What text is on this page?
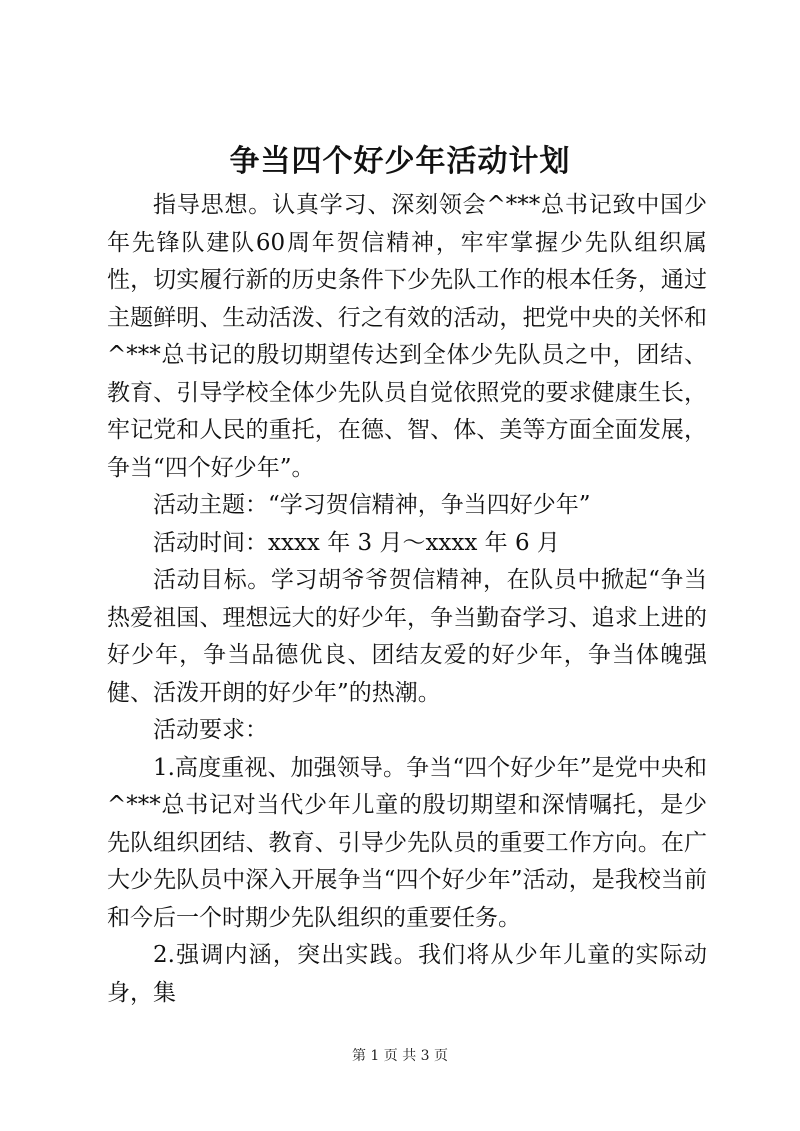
争当四个好少年活动计划

指导思想。认真学习、深刻领会^***总书记致中国少年先锋队建队60周年贺信精神，牢牢掌握少先队组织属性，切实履行新的历史条件下少先队工作的根本任务，通过主题鲜明、生动活泼、行之有效的活动，把党中央的关怀和^***总书记的殷切期望传达到全体少先队员之中，团结、教育、引导学校全体少先队员自觉依照党的要求健康生长，牢记党和人民的重托，在德、智、体、美等方面全面发展，争当“四个好少年”。

活动主题：“学习贺信精神，争当四好少年”

活动时间：xxxx 年 3 月～xxxx 年 6 月

活动目标。学习胡爷爷贺信精神，在队员中掀起“争当热爱祖国、理想远大的好少年，争当勤奋学习、追求上进的好少年，争当品德优良、团结友爱的好少年，争当体魄强健、活泼开朗的好少年”的热潮。

活动要求：

1.高度重视、加强领导。争当“四个好少年”是党中央和^***总书记对当代少年儿童的殷切期望和深情嘱托，是少先队组织团结、教育、引导少先队员的重要工作方向。在广大少先队员中深入开展争当“四个好少年”活动，是我校当前和今后一个时期少先队组织的重要任务。

2.强调内涵，突出实践。我们将从少年儿童的实际动身，集

第 1 页 共 3 页
